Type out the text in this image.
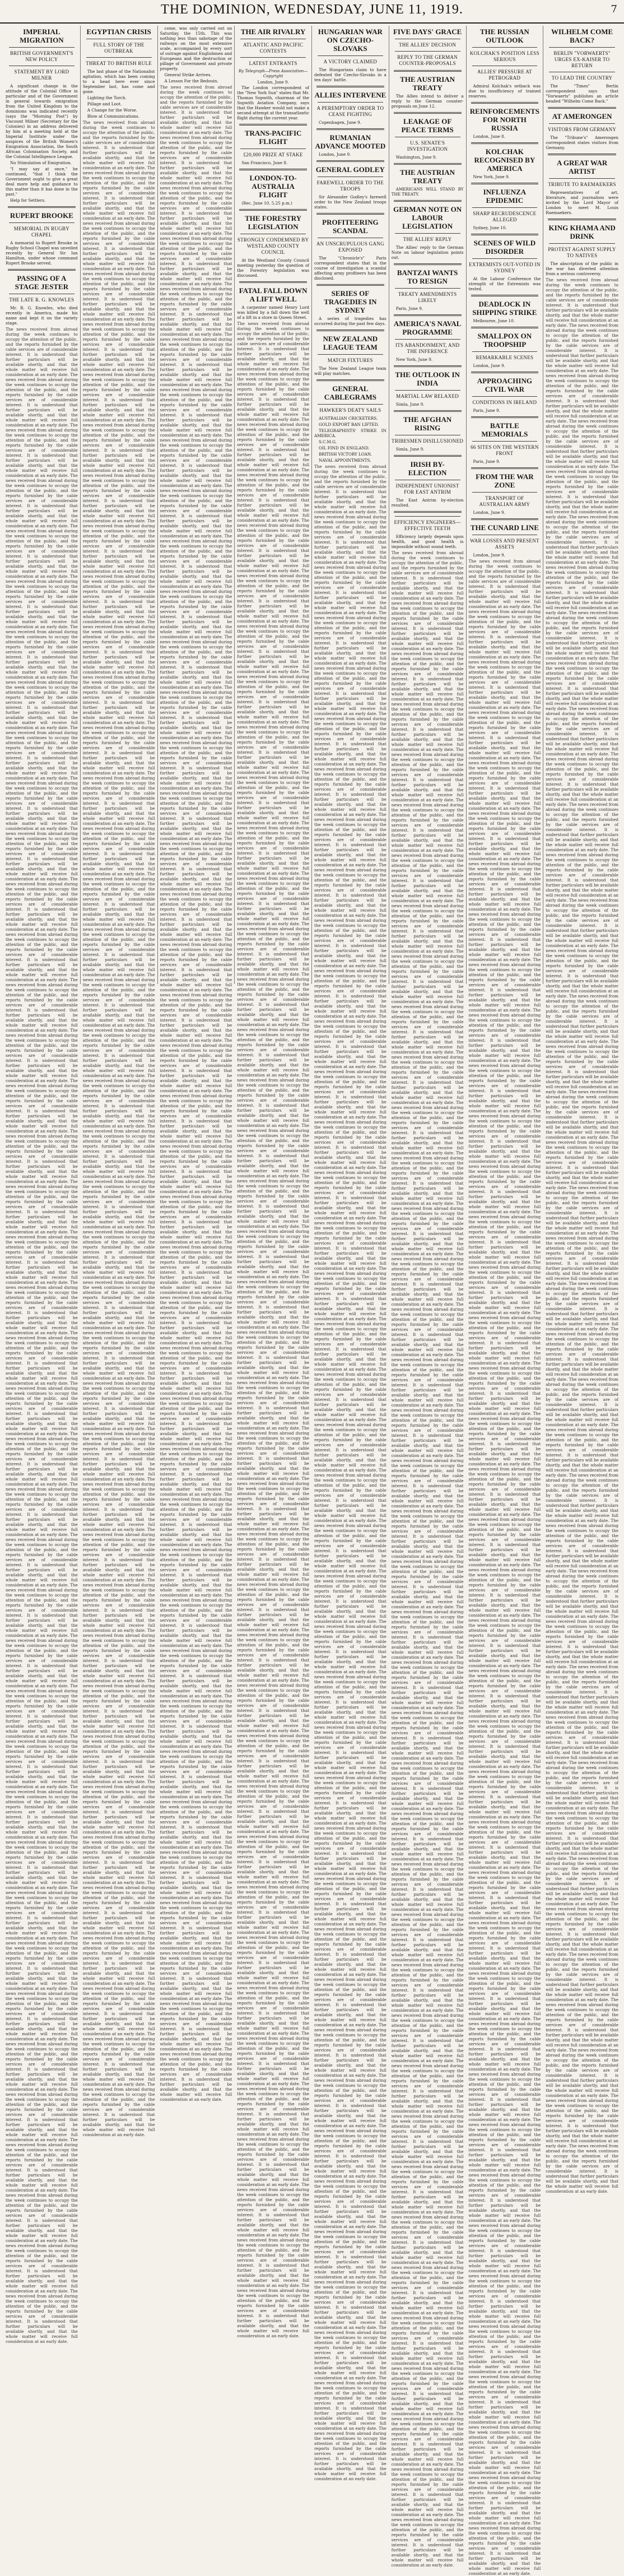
THE DOMINION, WEDNESDAY, JUNE 11, 1919.	7
IMPERIAL MIGRATION
BRITISH GOVERNMENT'S NEW POLICY
STATEMENT BY LORD MILNER

A significant change in the attitude of the Colonial Office in particular and of the Government in general towards emigration from the United Kingdom to the dominions was indicated recently (says the "Morning Post") by Viscount Milner (Secretary for the Colonies) in an address delivered by him at a meeting held at the Imperial Institute under the auspices of the British Women's Emigration Association, the South African Colonisation Society, and the Colonial Intelligence League.

No Stimulation of Emigration.

"I may say at once," he continued, "that I think the Government ought to give a great deal more help and guidance to this matter than it has done in the past."

Help for Settlers.

RUPERT BROOKE
MEMORIAL IN RUGBY CHAPEL

A memorial to Rupert Brooke in Rugby School Chapel was unveiled recently by General Sir Ian Hamilton, under whose command Rupert Brooke served.

PASSING OF A STAGE JESTER
THE LATE R. G. KNOWLES

Mr. R. G. Knowles, who died recently in America, made his name and kept it on the variety stage.

The news received from abroad during the week continues to occupy the attention of the public, and the reports furnished by the cable services are of considerable interest. It is understood that further particulars will be available shortly, and that the whole matter will receive full consideration at an early date. The news received from abroad during the week continues to occupy the attention of the public, and the reports furnished by the cable services are of considerable interest. It is understood that further particulars will be available shortly, and that the whole matter will receive full consideration at an early date. The news received from abroad during the week continues to occupy the attention of the public, and the reports furnished by the cable services are of considerable interest. It is understood that further particulars will be available shortly, and that the whole matter will receive full consideration at an early date. The news received from abroad during the week continues to occupy the attention of the public, and the reports furnished by the cable services are of considerable interest. It is understood that further particulars will be available shortly, and that the whole matter will receive full consideration at an early date. The news received from abroad during the week continues to occupy the attention of the public, and the reports furnished by the cable services are of considerable interest. It is understood that further particulars will be available shortly, and that the whole matter will receive full consideration at an early date. The news received from abroad during the week continues to occupy the attention of the public, and the reports furnished by the cable services are of considerable interest. It is understood that further particulars will be available shortly, and that the whole matter will receive full consideration at an early date. The news received from abroad during the week continues to occupy the attention of the public, and the reports furnished by the cable services are of considerable interest. It is understood that further particulars will be available shortly, and that the whole matter will receive full consideration at an early date. The news received from abroad during the week continues to occupy the attention of the public, and the reports furnished by the cable services are of considerable interest. It is understood that further particulars will be available shortly, and that the whole matter will receive full consideration at an early date. The news received from abroad during the week continues to occupy the attention of the public, and the reports furnished by the cable services are of considerable interest. It is understood that further particulars will be available shortly, and that the whole matter will receive full consideration at an early date. The news received from abroad during the week continues to occupy the attention of the public, and the reports furnished by the cable services are of considerable interest. It is understood that further particulars will be available shortly, and that the whole matter will receive full consideration at an early date. The news received from abroad during the week continues to occupy the attention of the public, and the reports furnished by the cable services are of considerable interest. It is understood that further particulars will be available shortly, and that the whole matter will receive full consideration at an early date. The news received from abroad during the week continues to occupy the attention of the public, and the reports furnished by the cable services are of considerable interest. It is understood that further particulars will be available shortly, and that the whole matter will receive full consideration at an early date. The news received from abroad during the week continues to occupy the attention of the public, and the reports furnished by the cable services are of considerable interest. It is understood that further particulars will be available shortly, and that the whole matter will receive full consideration at an early date. The news received from abroad during the week continues to occupy the attention of the public, and the reports furnished by the cable services are of considerable interest. It is understood that further particulars will be available shortly, and that the whole matter will receive full consideration at an early date. The news received from abroad during the week continues to occupy the attention of the public, and the reports furnished by the cable services are of considerable interest. It is understood that further particulars will be available shortly, and that the whole matter will receive full consideration at an early date. The news received from abroad during the week continues to occupy the attention of the public, and the reports furnished by the cable services are of considerable interest. It is understood that further particulars will be available shortly, and that the whole matter will receive full consideration at an early date. The news received from abroad during the week continues to occupy the attention of the public, and the reports furnished by the cable services are of considerable interest. It is understood that further particulars will be available shortly, and that the whole matter will receive full consideration at an early date. The news received from abroad during the week continues to occupy the attention of the public, and the reports furnished by the cable services are of considerable interest. It is understood that further particulars will be available shortly, and that the whole matter will receive full consideration at an early date. The news received from abroad during the week continues to occupy the attention of the public, and the reports furnished by the cable services are of considerable interest. It is understood that further particulars will be available shortly, and that the whole matter will receive full consideration at an early date. The news received from abroad during the week continues to occupy the attention of the public, and the reports furnished by the cable services are of considerable interest. It is understood that further particulars will be available shortly, and that the whole matter will receive full consideration at an early date. The news received from abroad during the week continues to occupy the attention of the public, and the reports furnished by the cable services are of considerable interest. It is understood that further particulars will be available shortly, and that the whole matter will receive full consideration at an early date. The news received from abroad during the week continues to occupy the attention of the public, and the reports furnished by the cable services are of considerable interest. It is understood that further particulars will be available shortly, and that the whole matter will receive full consideration at an early date. The news received from abroad during the week continues to occupy the attention of the public, and the reports furnished by the cable services are of considerable interest. It is understood that further particulars will be available shortly, and that the whole matter will receive full consideration at an early date. The news received from abroad during the week continues to occupy the attention of the public, and the reports furnished by the cable services are of considerable interest. It is understood that further particulars will be available shortly, and that the whole matter will receive full consideration at an early date. The news received from abroad during the week continues to occupy the attention of the public, and the reports furnished by the cable services are of considerable interest. It is understood that further particulars will be available shortly, and that the whole matter will receive full consideration at an early date. The news received from abroad during the week continues to occupy the attention of the public, and the reports furnished by the cable services are of considerable interest. It is understood that further particulars will be available shortly, and that the whole matter will receive full consideration at an early date. The news received from abroad during the week continues to occupy the attention of the public, and the reports furnished by the cable services are of considerable interest. It is understood that further particulars will be available shortly, and that the whole matter will receive full consideration at an early date. The news received from abroad during the week continues to occupy the attention of the public, and the reports furnished by the cable services are of considerable interest. It is understood that further particulars will be available shortly, and that the whole matter will receive full consideration at an early date. The news received from abroad during the week continues to occupy the attention of the public, and the reports furnished by the cable services are of considerable interest. It is understood that further particulars will be available shortly, and that the whole matter will receive full consideration at an early date. The news received from abroad during the week continues to occupy the attention of the public, and the reports furnished by the cable services are of considerable interest. It is understood that further particulars will be available shortly, and that the whole matter will receive full consideration at an early date. The news received from abroad during the week continues to occupy the attention of the public, and the reports furnished by the cable services are of considerable interest. It is understood that further particulars will be available shortly, and that the whole matter will receive full consideration at an early date. The news received from abroad during the week continues to occupy the attention of the public, and the reports furnished by the cable services are of considerable interest. It is understood that further particulars will be available shortly, and that the whole matter will receive full consideration at an early date. The news received from abroad during the week continues to occupy the attention of the public, and the reports furnished by the cable services are of considerable interest. It is understood that further particulars will be available shortly, and that the whole matter will receive full consideration at an early date. The news received from abroad during the week continues to occupy the attention of the public, and the reports furnished by the cable services are of considerable interest. It is understood that further particulars will be available shortly, and that the whole matter will receive full consideration at an early date. The news received from abroad during the week continues to occupy the attention of the public, and the reports furnished by the cable services are of considerable interest. It is understood that further particulars will be available shortly, and that the whole matter will receive full consideration at an early date. The news received from abroad during the week continues to occupy the attention of the public, and the reports furnished by the cable services are of considerable interest. It is understood that further particulars will be available shortly, and that the whole matter will receive full consideration at an early date. The news received from abroad during the week continues to occupy the attention of the public, and the reports furnished by the cable services are of considerable interest. It is understood that further particulars will be available shortly, and that the whole matter will receive full consideration at an early date. The news received from abroad during the week continues to occupy the attention of the public, and the reports furnished by the cable services are of considerable interest. It is understood that further particulars will be available shortly, and that the whole matter will receive full consideration at an early date. The news received from abroad during the week continues to occupy the attention of the public, and the reports furnished by the cable services are of considerable interest. It is understood that further particulars will be available shortly, and that the whole matter will receive full consideration at an early date. The news received from abroad during the week continues to occupy the attention of the public, and the reports furnished by the cable services are of considerable interest. It is understood that further particulars will be available shortly, and that the whole matter will receive full consideration at an early date.
EGYPTIAN CRISIS
FULL STORY OF THE OUTBREAK
THREAT TO BRITISH RULE

The last phase of the Nationalist agitation, which has been coming to a head here ever since September last, has come and gone.

Lighting the Torch.

Pillage and Loot.

A Change for the Worse.

Blow at Communications.

The news received from abroad during the week continues to occupy the attention of the public, and the reports furnished by the cable services are of considerable interest. It is understood that further particulars will be available shortly, and that the whole matter will receive full consideration at an early date. The news received from abroad during the week continues to occupy the attention of the public, and the reports furnished by the cable services are of considerable interest. It is understood that further particulars will be available shortly, and that the whole matter will receive full consideration at an early date. The news received from abroad during the week continues to occupy the attention of the public, and the reports furnished by the cable services are of considerable interest. It is understood that further particulars will be available shortly, and that the whole matter will receive full consideration at an early date. The news received from abroad during the week continues to occupy the attention of the public, and the reports furnished by the cable services are of considerable interest. It is understood that further particulars will be available shortly, and that the whole matter will receive full consideration at an early date. The news received from abroad during the week continues to occupy the attention of the public, and the reports furnished by the cable services are of considerable interest. It is understood that further particulars will be available shortly, and that the whole matter will receive full consideration at an early date. The news received from abroad during the week continues to occupy the attention of the public, and the reports furnished by the cable services are of considerable interest. It is understood that further particulars will be available shortly, and that the whole matter will receive full consideration at an early date. The news received from abroad during the week continues to occupy the attention of the public, and the reports furnished by the cable services are of considerable interest. It is understood that further particulars will be available shortly, and that the whole matter will receive full consideration at an early date. The news received from abroad during the week continues to occupy the attention of the public, and the reports furnished by the cable services are of considerable interest. It is understood that further particulars will be available shortly, and that the whole matter will receive full consideration at an early date. The news received from abroad during the week continues to occupy the attention of the public, and the reports furnished by the cable services are of considerable interest. It is understood that further particulars will be available shortly, and that the whole matter will receive full consideration at an early date. The news received from abroad during the week continues to occupy the attention of the public, and the reports furnished by the cable services are of considerable interest. It is understood that further particulars will be available shortly, and that the whole matter will receive full consideration at an early date. The news received from abroad during the week continues to occupy the attention of the public, and the reports furnished by the cable services are of considerable interest. It is understood that further particulars will be available shortly, and that the whole matter will receive full consideration at an early date. The news received from abroad during the week continues to occupy the attention of the public, and the reports furnished by the cable services are of considerable interest. It is understood that further particulars will be available shortly, and that the whole matter will receive full consideration at an early date. The news received from abroad during the week continues to occupy the attention of the public, and the reports furnished by the cable services are of considerable interest. It is understood that further particulars will be available shortly, and that the whole matter will receive full consideration at an early date. The news received from abroad during the week continues to occupy the attention of the public, and the reports furnished by the cable services are of considerable interest. It is understood that further particulars will be available shortly, and that the whole matter will receive full consideration at an early date. The news received from abroad during the week continues to occupy the attention of the public, and the reports furnished by the cable services are of considerable interest. It is understood that further particulars will be available shortly, and that the whole matter will receive full consideration at an early date. The news received from abroad during the week continues to occupy the attention of the public, and the reports furnished by the cable services are of considerable interest. It is understood that further particulars will be available shortly, and that the whole matter will receive full consideration at an early date. The news received from abroad during the week continues to occupy the attention of the public, and the reports furnished by the cable services are of considerable interest. It is understood that further particulars will be available shortly, and that the whole matter will receive full consideration at an early date. The news received from abroad during the week continues to occupy the attention of the public, and the reports furnished by the cable services are of considerable interest. It is understood that further particulars will be available shortly, and that the whole matter will receive full consideration at an early date. The news received from abroad during the week continues to occupy the attention of the public, and the reports furnished by the cable services are of considerable interest. It is understood that further particulars will be available shortly, and that the whole matter will receive full consideration at an early date. The news received from abroad during the week continues to occupy the attention of the public, and the reports furnished by the cable services are of considerable interest. It is understood that further particulars will be available shortly, and that the whole matter will receive full consideration at an early date. The news received from abroad during the week continues to occupy the attention of the public, and the reports furnished by the cable services are of considerable interest. It is understood that further particulars will be available shortly, and that the whole matter will receive full consideration at an early date. The news received from abroad during the week continues to occupy the attention of the public, and the reports furnished by the cable services are of considerable interest. It is understood that further particulars will be available shortly, and that the whole matter will receive full consideration at an early date. The news received from abroad during the week continues to occupy the attention of the public, and the reports furnished by the cable services are of considerable interest. It is understood that further particulars will be available shortly, and that the whole matter will receive full consideration at an early date. The news received from abroad during the week continues to occupy the attention of the public, and the reports furnished by the cable services are of considerable interest. It is understood that further particulars will be available shortly, and that the whole matter will receive full consideration at an early date. The news received from abroad during the week continues to occupy the attention of the public, and the reports furnished by the cable services are of considerable interest. It is understood that further particulars will be available shortly, and that the whole matter will receive full consideration at an early date. The news received from abroad during the week continues to occupy the attention of the public, and the reports furnished by the cable services are of considerable interest. It is understood that further particulars will be available shortly, and that the whole matter will receive full consideration at an early date. The news received from abroad during the week continues to occupy the attention of the public, and the reports furnished by the cable services are of considerable interest. It is understood that further particulars will be available shortly, and that the whole matter will receive full consideration at an early date. The news received from abroad during the week continues to occupy the attention of the public, and the reports furnished by the cable services are of considerable interest. It is understood that further particulars will be available shortly, and that the whole matter will receive full consideration at an early date. The news received from abroad during the week continues to occupy the attention of the public, and the reports furnished by the cable services are of considerable interest. It is understood that further particulars will be available shortly, and that the whole matter will receive full consideration at an early date. The news received from abroad during the week continues to occupy the attention of the public, and the reports furnished by the cable services are of considerable interest. It is understood that further particulars will be available shortly, and that the whole matter will receive full consideration at an early date. The news received from abroad during the week continues to occupy the attention of the public, and the reports furnished by the cable services are of considerable interest. It is understood that further particulars will be available shortly, and that the whole matter will receive full consideration at an early date. The news received from abroad during the week continues to occupy the attention of the public, and the reports furnished by the cable services are of considerable interest. It is understood that further particulars will be available shortly, and that the whole matter will receive full consideration at an early date. The news received from abroad during the week continues to occupy the attention of the public, and the reports furnished by the cable services are of considerable interest. It is understood that further particulars will be available shortly, and that the whole matter will receive full consideration at an early date. The news received from abroad during the week continues to occupy the attention of the public, and the reports furnished by the cable services are of considerable interest. It is understood that further particulars will be available shortly, and that the whole matter will receive full consideration at an early date. The news received from abroad during the week continues to occupy the attention of the public, and the reports furnished by the cable services are of considerable interest. It is understood that further particulars will be available shortly, and that the whole matter will receive full consideration at an early date. The news received from abroad during the week continues to occupy the attention of the public, and the reports furnished by the cable services are of considerable interest. It is understood that further particulars will be available shortly, and that the whole matter will receive full consideration at an early date. The news received from abroad during the week continues to occupy the attention of the public, and the reports furnished by the cable services are of considerable interest. It is understood that further particulars will be available shortly, and that the whole matter will receive full consideration at an early date. The news received from abroad during the week continues to occupy the attention of the public, and the reports furnished by the cable services are of considerable interest. It is understood that further particulars will be available shortly, and that the whole matter will receive full consideration at an early date. The news received from abroad during the week continues to occupy the attention of the public, and the reports furnished by the cable services are of considerable interest. It is understood that further particulars will be available shortly, and that the whole matter will receive full consideration at an early date. The news received from abroad during the week continues to occupy the attention of the public, and the reports furnished by the cable services are of considerable interest. It is understood that further particulars will be available shortly, and that the whole matter will receive full consideration at an early date.

come, was only carried out on Saturday, the 15th. This was nothing less than sabotage of the railways on the most extensive scale, accompanied by every sort of outrage against Englishmen and Europeans and the destruction or pillage of Government and private property.

General Strike Arrives.

A Lesson For the Bedouin.

The news received from abroad during the week continues to occupy the attention of the public, and the reports furnished by the cable services are of considerable interest. It is understood that further particulars will be available shortly, and that the whole matter will receive full consideration at an early date. The news received from abroad during the week continues to occupy the attention of the public, and the reports furnished by the cable services are of considerable interest. It is understood that further particulars will be available shortly, and that the whole matter will receive full consideration at an early date. The news received from abroad during the week continues to occupy the attention of the public, and the reports furnished by the cable services are of considerable interest. It is understood that further particulars will be available shortly, and that the whole matter will receive full consideration at an early date. The news received from abroad during the week continues to occupy the attention of the public, and the reports furnished by the cable services are of considerable interest. It is understood that further particulars will be available shortly, and that the whole matter will receive full consideration at an early date. The news received from abroad during the week continues to occupy the attention of the public, and the reports furnished by the cable services are of considerable interest. It is understood that further particulars will be available shortly, and that the whole matter will receive full consideration at an early date. The news received from abroad during the week continues to occupy the attention of the public, and the reports furnished by the cable services are of considerable interest. It is understood that further particulars will be available shortly, and that the whole matter will receive full consideration at an early date. The news received from abroad during the week continues to occupy the attention of the public, and the reports furnished by the cable services are of considerable interest. It is understood that further particulars will be available shortly, and that the whole matter will receive full consideration at an early date. The news received from abroad during the week continues to occupy the attention of the public, and the reports furnished by the cable services are of considerable interest. It is understood that further particulars will be available shortly, and that the whole matter will receive full consideration at an early date. The news received from abroad during the week continues to occupy the attention of the public, and the reports furnished by the cable services are of considerable interest. It is understood that further particulars will be available shortly, and that the whole matter will receive full consideration at an early date. The news received from abroad during the week continues to occupy the attention of the public, and the reports furnished by the cable services are of considerable interest. It is understood that further particulars will be available shortly, and that the whole matter will receive full consideration at an early date. The news received from abroad during the week continues to occupy the attention of the public, and the reports furnished by the cable services are of considerable interest. It is understood that further particulars will be available shortly, and that the whole matter will receive full consideration at an early date. The news received from abroad during the week continues to occupy the attention of the public, and the reports furnished by the cable services are of considerable interest. It is understood that further particulars will be available shortly, and that the whole matter will receive full consideration at an early date. The news received from abroad during the week continues to occupy the attention of the public, and the reports furnished by the cable services are of considerable interest. It is understood that further particulars will be available shortly, and that the whole matter will receive full consideration at an early date. The news received from abroad during the week continues to occupy the attention of the public, and the reports furnished by the cable services are of considerable interest. It is understood that further particulars will be available shortly, and that the whole matter will receive full consideration at an early date. The news received from abroad during the week continues to occupy the attention of the public, and the reports furnished by the cable services are of considerable interest. It is understood that further particulars will be available shortly, and that the whole matter will receive full consideration at an early date. The news received from abroad during the week continues to occupy the attention of the public, and the reports furnished by the cable services are of considerable interest. It is understood that further particulars will be available shortly, and that the whole matter will receive full consideration at an early date. The news received from abroad during the week continues to occupy the attention of the public, and the reports furnished by the cable services are of considerable interest. It is understood that further particulars will be available shortly, and that the whole matter will receive full consideration at an early date. The news received from abroad during the week continues to occupy the attention of the public, and the reports furnished by the cable services are of considerable interest. It is understood that further particulars will be available shortly, and that the whole matter will receive full consideration at an early date. The news received from abroad during the week continues to occupy the attention of the public, and the reports furnished by the cable services are of considerable interest. It is understood that further particulars will be available shortly, and that the whole matter will receive full consideration at an early date. The news received from abroad during the week continues to occupy the attention of the public, and the reports furnished by the cable services are of considerable interest. It is understood that further particulars will be available shortly, and that the whole matter will receive full consideration at an early date. The news received from abroad during the week continues to occupy the attention of the public, and the reports furnished by the cable services are of considerable interest. It is understood that further particulars will be available shortly, and that the whole matter will receive full consideration at an early date. The news received from abroad during the week continues to occupy the attention of the public, and the reports furnished by the cable services are of considerable interest. It is understood that further particulars will be available shortly, and that the whole matter will receive full consideration at an early date. The news received from abroad during the week continues to occupy the attention of the public, and the reports furnished by the cable services are of considerable interest. It is understood that further particulars will be available shortly, and that the whole matter will receive full consideration at an early date. The news received from abroad during the week continues to occupy the attention of the public, and the reports furnished by the cable services are of considerable interest. It is understood that further particulars will be available shortly, and that the whole matter will receive full consideration at an early date. The news received from abroad during the week continues to occupy the attention of the public, and the reports furnished by the cable services are of considerable interest. It is understood that further particulars will be available shortly, and that the whole matter will receive full consideration at an early date. The news received from abroad during the week continues to occupy the attention of the public, and the reports furnished by the cable services are of considerable interest. It is understood that further particulars will be available shortly, and that the whole matter will receive full consideration at an early date. The news received from abroad during the week continues to occupy the attention of the public, and the reports furnished by the cable services are of considerable interest. It is understood that further particulars will be available shortly, and that the whole matter will receive full consideration at an early date. The news received from abroad during the week continues to occupy the attention of the public, and the reports furnished by the cable services are of considerable interest. It is understood that further particulars will be available shortly, and that the whole matter will receive full consideration at an early date. The news received from abroad during the week continues to occupy the attention of the public, and the reports furnished by the cable services are of considerable interest. It is understood that further particulars will be available shortly, and that the whole matter will receive full consideration at an early date. The news received from abroad during the week continues to occupy the attention of the public, and the reports furnished by the cable services are of considerable interest. It is understood that further particulars will be available shortly, and that the whole matter will receive full consideration at an early date. The news received from abroad during the week continues to occupy the attention of the public, and the reports furnished by the cable services are of considerable interest. It is understood that further particulars will be available shortly, and that the whole matter will receive full consideration at an early date. The news received from abroad during the week continues to occupy the attention of the public, and the reports furnished by the cable services are of considerable interest. It is understood that further particulars will be available shortly, and that the whole matter will receive full consideration at an early date. The news received from abroad during the week continues to occupy the attention of the public, and the reports furnished by the cable services are of considerable interest. It is understood that further particulars will be available shortly, and that the whole matter will receive full consideration at an early date. The news received from abroad during the week continues to occupy the attention of the public, and the reports furnished by the cable services are of considerable interest. It is understood that further particulars will be available shortly, and that the whole matter will receive full consideration at an early date. The news received from abroad during the week continues to occupy the attention of the public, and the reports furnished by the cable services are of considerable interest. It is understood that further particulars will be available shortly, and that the whole matter will receive full consideration at an early date. The news received from abroad during the week continues to occupy the attention of the public, and the reports furnished by the cable services are of considerable interest. It is understood that further particulars will be available shortly, and that the whole matter will receive full consideration at an early date. The news received from abroad during the week continues to occupy the attention of the public, and the reports furnished by the cable services are of considerable interest. It is understood that further particulars will be available shortly, and that the whole matter will receive full consideration at an early date. The news received from abroad during the week continues to occupy the attention of the public, and the reports furnished by the cable services are of considerable interest. It is understood that further particulars will be available shortly, and that the whole matter will receive full consideration at an early date. The news received from abroad during the week continues to occupy the attention of the public, and the reports furnished by the cable services are of considerable interest. It is understood that further particulars will be available shortly, and that the whole matter will receive full consideration at an early date. The news received from abroad during the week continues to occupy the attention of the public, and the reports furnished by the cable services are of considerable interest. It is understood that further particulars will be available shortly, and that the whole matter will receive full consideration at an early date.
THE AIR RIVALRY
ATLANTIC AND PACIFIC CONTESTS
LATEST ENTRANTS
By Telegraph—Press Association—Copyright
London, June 9.

The London correspondent of the "New York Sun" states that Mr. Thomas Sopwith, chairman of the Sopwith Aviation Company, says that the Hawker would not make a second attempt at the transatlantic flight during the current year.

TRANS-PACIFIC FLIGHT
£20,000 PRIZE AT STAKE

San Francisco, June 8.

LONDON-TO-AUSTRALIA FLIGHT

(Rec. June 10, 5.25 p.m.)

THE FORESTRY LEGISLATION
STRONGLY CONDEMNED BY WESTLAND COUNTY COUNCIL

At the Westland County Council meeting yesterday the question of the Forestry legislation was discussed.

FATAL FALL DOWN A LIFT WELL

A carpenter named Henry Lord was killed by a fall down the well of a lift in a store in Queen Street.

The news received from abroad during the week continues to occupy the attention of the public, and the reports furnished by the cable services are of considerable interest. It is understood that further particulars will be available shortly, and that the whole matter will receive full consideration at an early date. The news received from abroad during the week continues to occupy the attention of the public, and the reports furnished by the cable services are of considerable interest. It is understood that further particulars will be available shortly, and that the whole matter will receive full consideration at an early date. The news received from abroad during the week continues to occupy the attention of the public, and the reports furnished by the cable services are of considerable interest. It is understood that further particulars will be available shortly, and that the whole matter will receive full consideration at an early date. The news received from abroad during the week continues to occupy the attention of the public, and the reports furnished by the cable services are of considerable interest. It is understood that further particulars will be available shortly, and that the whole matter will receive full consideration at an early date. The news received from abroad during the week continues to occupy the attention of the public, and the reports furnished by the cable services are of considerable interest. It is understood that further particulars will be available shortly, and that the whole matter will receive full consideration at an early date. The news received from abroad during the week continues to occupy the attention of the public, and the reports furnished by the cable services are of considerable interest. It is understood that further particulars will be available shortly, and that the whole matter will receive full consideration at an early date. The news received from abroad during the week continues to occupy the attention of the public, and the reports furnished by the cable services are of considerable interest. It is understood that further particulars will be available shortly, and that the whole matter will receive full consideration at an early date. The news received from abroad during the week continues to occupy the attention of the public, and the reports furnished by the cable services are of considerable interest. It is understood that further particulars will be available shortly, and that the whole matter will receive full consideration at an early date. The news received from abroad during the week continues to occupy the attention of the public, and the reports furnished by the cable services are of considerable interest. It is understood that further particulars will be available shortly, and that the whole matter will receive full consideration at an early date. The news received from abroad during the week continues to occupy the attention of the public, and the reports furnished by the cable services are of considerable interest. It is understood that further particulars will be available shortly, and that the whole matter will receive full consideration at an early date. The news received from abroad during the week continues to occupy the attention of the public, and the reports furnished by the cable services are of considerable interest. It is understood that further particulars will be available shortly, and that the whole matter will receive full consideration at an early date. The news received from abroad during the week continues to occupy the attention of the public, and the reports furnished by the cable services are of considerable interest. It is understood that further particulars will be available shortly, and that the whole matter will receive full consideration at an early date. The news received from abroad during the week continues to occupy the attention of the public, and the reports furnished by the cable services are of considerable interest. It is understood that further particulars will be available shortly, and that the whole matter will receive full consideration at an early date. The news received from abroad during the week continues to occupy the attention of the public, and the reports furnished by the cable services are of considerable interest. It is understood that further particulars will be available shortly, and that the whole matter will receive full consideration at an early date. The news received from abroad during the week continues to occupy the attention of the public, and the reports furnished by the cable services are of considerable interest. It is understood that further particulars will be available shortly, and that the whole matter will receive full consideration at an early date. The news received from abroad during the week continues to occupy the attention of the public, and the reports furnished by the cable services are of considerable interest. It is understood that further particulars will be available shortly, and that the whole matter will receive full consideration at an early date. The news received from abroad during the week continues to occupy the attention of the public, and the reports furnished by the cable services are of considerable interest. It is understood that further particulars will be available shortly, and that the whole matter will receive full consideration at an early date. The news received from abroad during the week continues to occupy the attention of the public, and the reports furnished by the cable services are of considerable interest. It is understood that further particulars will be available shortly, and that the whole matter will receive full consideration at an early date. The news received from abroad during the week continues to occupy the attention of the public, and the reports furnished by the cable services are of considerable interest. It is understood that further particulars will be available shortly, and that the whole matter will receive full consideration at an early date. The news received from abroad during the week continues to occupy the attention of the public, and the reports furnished by the cable services are of considerable interest. It is understood that further particulars will be available shortly, and that the whole matter will receive full consideration at an early date. The news received from abroad during the week continues to occupy the attention of the public, and the reports furnished by the cable services are of considerable interest. It is understood that further particulars will be available shortly, and that the whole matter will receive full consideration at an early date. The news received from abroad during the week continues to occupy the attention of the public, and the reports furnished by the cable services are of considerable interest. It is understood that further particulars will be available shortly, and that the whole matter will receive full consideration at an early date. The news received from abroad during the week continues to occupy the attention of the public, and the reports furnished by the cable services are of considerable interest. It is understood that further particulars will be available shortly, and that the whole matter will receive full consideration at an early date. The news received from abroad during the week continues to occupy the attention of the public, and the reports furnished by the cable services are of considerable interest. It is understood that further particulars will be available shortly, and that the whole matter will receive full consideration at an early date. The news received from abroad during the week continues to occupy the attention of the public, and the reports furnished by the cable services are of considerable interest. It is understood that further particulars will be available shortly, and that the whole matter will receive full consideration at an early date. The news received from abroad during the week continues to occupy the attention of the public, and the reports furnished by the cable services are of considerable interest. It is understood that further particulars will be available shortly, and that the whole matter will receive full consideration at an early date. The news received from abroad during the week continues to occupy the attention of the public, and the reports furnished by the cable services are of considerable interest. It is understood that further particulars will be available shortly, and that the whole matter will receive full consideration at an early date. The news received from abroad during the week continues to occupy the attention of the public, and the reports furnished by the cable services are of considerable interest. It is understood that further particulars will be available shortly, and that the whole matter will receive full consideration at an early date. The news received from abroad during the week continues to occupy the attention of the public, and the reports furnished by the cable services are of considerable interest. It is understood that further particulars will be available shortly, and that the whole matter will receive full consideration at an early date. The news received from abroad during the week continues to occupy the attention of the public, and the reports furnished by the cable services are of considerable interest. It is understood that further particulars will be available shortly, and that the whole matter will receive full consideration at an early date. The news received from abroad during the week continues to occupy the attention of the public, and the reports furnished by the cable services are of considerable interest. It is understood that further particulars will be available shortly, and that the whole matter will receive full consideration at an early date. The news received from abroad during the week continues to occupy the attention of the public, and the reports furnished by the cable services are of considerable interest. It is understood that further particulars will be available shortly, and that the whole matter will receive full consideration at an early date. The news received from abroad during the week continues to occupy the attention of the public, and the reports furnished by the cable services are of considerable interest. It is understood that further particulars will be available shortly, and that the whole matter will receive full consideration at an early date. The news received from abroad during the week continues to occupy the attention of the public, and the reports furnished by the cable services are of considerable interest. It is understood that further particulars will be available shortly, and that the whole matter will receive full consideration at an early date. The news received from abroad during the week continues to occupy the attention of the public, and the reports furnished by the cable services are of considerable interest. It is understood that further particulars will be available shortly, and that the whole matter will receive full consideration at an early date. The news received from abroad during the week continues to occupy the attention of the public, and the reports furnished by the cable services are of considerable interest. It is understood that further particulars will be available shortly, and that the whole matter will receive full consideration at an early date. The news received from abroad during the week continues to occupy the attention of the public, and the reports furnished by the cable services are of considerable interest. It is understood that further particulars will be available shortly, and that the whole matter will receive full consideration at an early date. The news received from abroad during the week continues to occupy the attention of the public, and the reports furnished by the cable services are of considerable interest. It is understood that further particulars will be available shortly, and that the whole matter will receive full consideration at an early date. The news received from abroad during the week continues to occupy the attention of the public, and the reports furnished by the cable services are of considerable interest. It is understood that further particulars will be available shortly, and that the whole matter will receive full consideration at an early date. The news received from abroad during the week continues to occupy the attention of the public, and the reports furnished by the cable services are of considerable interest. It is understood that further particulars will be available shortly, and that the whole matter will receive full consideration at an early date.
HUNGARIAN WAR ON CZECHO-SLOVAKS
A VICTORY CLAIMED

The Hungarians claim to have defeated the Czecho-Slovaks in a ten days' battle.

ALLIES INTERVENE
A PEREMPTORY ORDER TO CEASE FIGHTING

Copenhagen, June 9.

RUMANIAN ADVANCE MOOTED

London, June 9.

GENERAL GODLEY
FAREWELL ORDER TO THE TROOPS

Sir Alexander Godley's farewell order to the New Zealand troops states.

PROFITEERING SCANDAL
AN UNSCRUPULOUS GANG EXPOSED

The "Chronicle's" Paris correspondent states that in the course of investigation a scandal affecting army profiteers has been disclosed.

SERIES OF TRAGEDIES IN SYDNEY

A series of tragedies has occurred during the past few days.

NEW ZEALAND LEAGUE TEAM
MATCH FIXTURES

The New Zealand League team will play matches.

GENERAL CABLEGRAMS
HAWKER'S DEATY SAILS

AUSTRALIAN CRICKETERS.

GOLD EXPORT BAN LIFTED.

TELEGRAPHISTS' STRIKE IN AMERICA.

S.C.M.G.

OIL FIND IN ENGLAND.

BRITISH VICTORY LOAN.

NAVAL APPOINTMENTS.

The news received from abroad during the week continues to occupy the attention of the public, and the reports furnished by the cable services are of considerable interest. It is understood that further particulars will be available shortly, and that the whole matter will receive full consideration at an early date. The news received from abroad during the week continues to occupy the attention of the public, and the reports furnished by the cable services are of considerable interest. It is understood that further particulars will be available shortly, and that the whole matter will receive full consideration at an early date. The news received from abroad during the week continues to occupy the attention of the public, and the reports furnished by the cable services are of considerable interest. It is understood that further particulars will be available shortly, and that the whole matter will receive full consideration at an early date. The news received from abroad during the week continues to occupy the attention of the public, and the reports furnished by the cable services are of considerable interest. It is understood that further particulars will be available shortly, and that the whole matter will receive full consideration at an early date. The news received from abroad during the week continues to occupy the attention of the public, and the reports furnished by the cable services are of considerable interest. It is understood that further particulars will be available shortly, and that the whole matter will receive full consideration at an early date. The news received from abroad during the week continues to occupy the attention of the public, and the reports furnished by the cable services are of considerable interest. It is understood that further particulars will be available shortly, and that the whole matter will receive full consideration at an early date. The news received from abroad during the week continues to occupy the attention of the public, and the reports furnished by the cable services are of considerable interest. It is understood that further particulars will be available shortly, and that the whole matter will receive full consideration at an early date. The news received from abroad during the week continues to occupy the attention of the public, and the reports furnished by the cable services are of considerable interest. It is understood that further particulars will be available shortly, and that the whole matter will receive full consideration at an early date. The news received from abroad during the week continues to occupy the attention of the public, and the reports furnished by the cable services are of considerable interest. It is understood that further particulars will be available shortly, and that the whole matter will receive full consideration at an early date. The news received from abroad during the week continues to occupy the attention of the public, and the reports furnished by the cable services are of considerable interest. It is understood that further particulars will be available shortly, and that the whole matter will receive full consideration at an early date. The news received from abroad during the week continues to occupy the attention of the public, and the reports furnished by the cable services are of considerable interest. It is understood that further particulars will be available shortly, and that the whole matter will receive full consideration at an early date. The news received from abroad during the week continues to occupy the attention of the public, and the reports furnished by the cable services are of considerable interest. It is understood that further particulars will be available shortly, and that the whole matter will receive full consideration at an early date. The news received from abroad during the week continues to occupy the attention of the public, and the reports furnished by the cable services are of considerable interest. It is understood that further particulars will be available shortly, and that the whole matter will receive full consideration at an early date. The news received from abroad during the week continues to occupy the attention of the public, and the reports furnished by the cable services are of considerable interest. It is understood that further particulars will be available shortly, and that the whole matter will receive full consideration at an early date. The news received from abroad during the week continues to occupy the attention of the public, and the reports furnished by the cable services are of considerable interest. It is understood that further particulars will be available shortly, and that the whole matter will receive full consideration at an early date. The news received from abroad during the week continues to occupy the attention of the public, and the reports furnished by the cable services are of considerable interest. It is understood that further particulars will be available shortly, and that the whole matter will receive full consideration at an early date. The news received from abroad during the week continues to occupy the attention of the public, and the reports furnished by the cable services are of considerable interest. It is understood that further particulars will be available shortly, and that the whole matter will receive full consideration at an early date. The news received from abroad during the week continues to occupy the attention of the public, and the reports furnished by the cable services are of considerable interest. It is understood that further particulars will be available shortly, and that the whole matter will receive full consideration at an early date. The news received from abroad during the week continues to occupy the attention of the public, and the reports furnished by the cable services are of considerable interest. It is understood that further particulars will be available shortly, and that the whole matter will receive full consideration at an early date. The news received from abroad during the week continues to occupy the attention of the public, and the reports furnished by the cable services are of considerable interest. It is understood that further particulars will be available shortly, and that the whole matter will receive full consideration at an early date. The news received from abroad during the week continues to occupy the attention of the public, and the reports furnished by the cable services are of considerable interest. It is understood that further particulars will be available shortly, and that the whole matter will receive full consideration at an early date. The news received from abroad during the week continues to occupy the attention of the public, and the reports furnished by the cable services are of considerable interest. It is understood that further particulars will be available shortly, and that the whole matter will receive full consideration at an early date. The news received from abroad during the week continues to occupy the attention of the public, and the reports furnished by the cable services are of considerable interest. It is understood that further particulars will be available shortly, and that the whole matter will receive full consideration at an early date. The news received from abroad during the week continues to occupy the attention of the public, and the reports furnished by the cable services are of considerable interest. It is understood that further particulars will be available shortly, and that the whole matter will receive full consideration at an early date. The news received from abroad during the week continues to occupy the attention of the public, and the reports furnished by the cable services are of considerable interest. It is understood that further particulars will be available shortly, and that the whole matter will receive full consideration at an early date. The news received from abroad during the week continues to occupy the attention of the public, and the reports furnished by the cable services are of considerable interest. It is understood that further particulars will be available shortly, and that the whole matter will receive full consideration at an early date. The news received from abroad during the week continues to occupy the attention of the public, and the reports furnished by the cable services are of considerable interest. It is understood that further particulars will be available shortly, and that the whole matter will receive full consideration at an early date. The news received from abroad during the week continues to occupy the attention of the public, and the reports furnished by the cable services are of considerable interest. It is understood that further particulars will be available shortly, and that the whole matter will receive full consideration at an early date. The news received from abroad during the week continues to occupy the attention of the public, and the reports furnished by the cable services are of considerable interest. It is understood that further particulars will be available shortly, and that the whole matter will receive full consideration at an early date. The news received from abroad during the week continues to occupy the attention of the public, and the reports furnished by the cable services are of considerable interest. It is understood that further particulars will be available shortly, and that the whole matter will receive full consideration at an early date. The news received from abroad during the week continues to occupy the attention of the public, and the reports furnished by the cable services are of considerable interest. It is understood that further particulars will be available shortly, and that the whole matter will receive full consideration at an early date. The news received from abroad during the week continues to occupy the attention of the public, and the reports furnished by the cable services are of considerable interest. It is understood that further particulars will be available shortly, and that the whole matter will receive full consideration at an early date. The news received from abroad during the week continues to occupy the attention of the public, and the reports furnished by the cable services are of considerable interest. It is understood that further particulars will be available shortly, and that the whole matter will receive full consideration at an early date. The news received from abroad during the week continues to occupy the attention of the public, and the reports furnished by the cable services are of considerable interest. It is understood that further particulars will be available shortly, and that the whole matter will receive full consideration at an early date. The news received from abroad during the week continues to occupy the attention of the public, and the reports furnished by the cable services are of considerable interest. It is understood that further particulars will be available shortly, and that the whole matter will receive full consideration at an early date. The news received from abroad during the week continues to occupy the attention of the public, and the reports furnished by the cable services are of considerable interest. It is understood that further particulars will be available shortly, and that the whole matter will receive full consideration at an early date. The news received from abroad during the week continues to occupy the attention of the public, and the reports furnished by the cable services are of considerable interest. It is understood that further particulars will be available shortly, and that the whole matter will receive full consideration at an early date. The news received from abroad during the week continues to occupy the attention of the public, and the reports furnished by the cable services are of considerable interest. It is understood that further particulars will be available shortly, and that the whole matter will receive full consideration at an early date. The news received from abroad during the week continues to occupy the attention of the public, and the reports furnished by the cable services are of considerable interest. It is understood that further particulars will be available shortly, and that the whole matter will receive full consideration at an early date. The news received from abroad during the week continues to occupy the attention of the public, and the reports furnished by the cable services are of considerable interest. It is understood that further particulars will be available shortly, and that the whole matter will receive full consideration at an early date.
FIVE DAYS' GRACE
THE ALLIES' DECISION
REPLY TO THE GERMAN COUNTER-PROPOSALS
THE AUSTRIAN TREATY

The Allies intend to deliver a reply to the German counter-proposals on June 12.

LEAKAGE OF PEACE TERMS
U.S. SENATE'S INVESTIGATION

Washington, June 9.

THE AUSTRIAN TREATY

AMERICANS WILL STAND BY THE TREATY.

GERMAN NOTE ON LABOUR LEGISLATION
THE ALLIES' REPLY

The Allies' reply to the German Note on labour legislation points out.

BANTZAI WANTS TO RESIGN
TREATY AMENDMENTS LIKELY

Paris, June 9.

AMERICA'S NAVAL PROGRAMME
ITS ABANDONMENT, AND THE INFERENCE

New York, June 9.

THE OUTLOOK IN INDIA
MARTIAL LAW RELAXED

Simla, June 9.

THE AFGHAN RISING
TRIBESMEN DISILLUSIONED

Simla, June 9.

IRISH BY-ELECTION
INDEPENDENT UNIONIST FOR EAST ANTRIM

The East Antrim by-election resulted.

EFFICIENCY ENGINEERS—EFFECTIVE TEETH

Efficiency largely depends upon health, and good health is impossible without sound teeth.

The news received from abroad during the week continues to occupy the attention of the public, and the reports furnished by the cable services are of considerable interest. It is understood that further particulars will be available shortly, and that the whole matter will receive full consideration at an early date. The news received from abroad during the week continues to occupy the attention of the public, and the reports furnished by the cable services are of considerable interest. It is understood that further particulars will be available shortly, and that the whole matter will receive full consideration at an early date. The news received from abroad during the week continues to occupy the attention of the public, and the reports furnished by the cable services are of considerable interest. It is understood that further particulars will be available shortly, and that the whole matter will receive full consideration at an early date. The news received from abroad during the week continues to occupy the attention of the public, and the reports furnished by the cable services are of considerable interest. It is understood that further particulars will be available shortly, and that the whole matter will receive full consideration at an early date. The news received from abroad during the week continues to occupy the attention of the public, and the reports furnished by the cable services are of considerable interest. It is understood that further particulars will be available shortly, and that the whole matter will receive full consideration at an early date. The news received from abroad during the week continues to occupy the attention of the public, and the reports furnished by the cable services are of considerable interest. It is understood that further particulars will be available shortly, and that the whole matter will receive full consideration at an early date. The news received from abroad during the week continues to occupy the attention of the public, and the reports furnished by the cable services are of considerable interest. It is understood that further particulars will be available shortly, and that the whole matter will receive full consideration at an early date. The news received from abroad during the week continues to occupy the attention of the public, and the reports furnished by the cable services are of considerable interest. It is understood that further particulars will be available shortly, and that the whole matter will receive full consideration at an early date. The news received from abroad during the week continues to occupy the attention of the public, and the reports furnished by the cable services are of considerable interest. It is understood that further particulars will be available shortly, and that the whole matter will receive full consideration at an early date. The news received from abroad during the week continues to occupy the attention of the public, and the reports furnished by the cable services are of considerable interest. It is understood that further particulars will be available shortly, and that the whole matter will receive full consideration at an early date. The news received from abroad during the week continues to occupy the attention of the public, and the reports furnished by the cable services are of considerable interest. It is understood that further particulars will be available shortly, and that the whole matter will receive full consideration at an early date. The news received from abroad during the week continues to occupy the attention of the public, and the reports furnished by the cable services are of considerable interest. It is understood that further particulars will be available shortly, and that the whole matter will receive full consideration at an early date. The news received from abroad during the week continues to occupy the attention of the public, and the reports furnished by the cable services are of considerable interest. It is understood that further particulars will be available shortly, and that the whole matter will receive full consideration at an early date. The news received from abroad during the week continues to occupy the attention of the public, and the reports furnished by the cable services are of considerable interest. It is understood that further particulars will be available shortly, and that the whole matter will receive full consideration at an early date. The news received from abroad during the week continues to occupy the attention of the public, and the reports furnished by the cable services are of considerable interest. It is understood that further particulars will be available shortly, and that the whole matter will receive full consideration at an early date. The news received from abroad during the week continues to occupy the attention of the public, and the reports furnished by the cable services are of considerable interest. It is understood that further particulars will be available shortly, and that the whole matter will receive full consideration at an early date. The news received from abroad during the week continues to occupy the attention of the public, and the reports furnished by the cable services are of considerable interest. It is understood that further particulars will be available shortly, and that the whole matter will receive full consideration at an early date. The news received from abroad during the week continues to occupy the attention of the public, and the reports furnished by the cable services are of considerable interest. It is understood that further particulars will be available shortly, and that the whole matter will receive full consideration at an early date. The news received from abroad during the week continues to occupy the attention of the public, and the reports furnished by the cable services are of considerable interest. It is understood that further particulars will be available shortly, and that the whole matter will receive full consideration at an early date. The news received from abroad during the week continues to occupy the attention of the public, and the reports furnished by the cable services are of considerable interest. It is understood that further particulars will be available shortly, and that the whole matter will receive full consideration at an early date. The news received from abroad during the week continues to occupy the attention of the public, and the reports furnished by the cable services are of considerable interest. It is understood that further particulars will be available shortly, and that the whole matter will receive full consideration at an early date. The news received from abroad during the week continues to occupy the attention of the public, and the reports furnished by the cable services are of considerable interest. It is understood that further particulars will be available shortly, and that the whole matter will receive full consideration at an early date. The news received from abroad during the week continues to occupy the attention of the public, and the reports furnished by the cable services are of considerable interest. It is understood that further particulars will be available shortly, and that the whole matter will receive full consideration at an early date. The news received from abroad during the week continues to occupy the attention of the public, and the reports furnished by the cable services are of considerable interest. It is understood that further particulars will be available shortly, and that the whole matter will receive full consideration at an early date. The news received from abroad during the week continues to occupy the attention of the public, and the reports furnished by the cable services are of considerable interest. It is understood that further particulars will be available shortly, and that the whole matter will receive full consideration at an early date. The news received from abroad during the week continues to occupy the attention of the public, and the reports furnished by the cable services are of considerable interest. It is understood that further particulars will be available shortly, and that the whole matter will receive full consideration at an early date. The news received from abroad during the week continues to occupy the attention of the public, and the reports furnished by the cable services are of considerable interest. It is understood that further particulars will be available shortly, and that the whole matter will receive full consideration at an early date. The news received from abroad during the week continues to occupy the attention of the public, and the reports furnished by the cable services are of considerable interest. It is understood that further particulars will be available shortly, and that the whole matter will receive full consideration at an early date. The news received from abroad during the week continues to occupy the attention of the public, and the reports furnished by the cable services are of considerable interest. It is understood that further particulars will be available shortly, and that the whole matter will receive full consideration at an early date. The news received from abroad during the week continues to occupy the attention of the public, and the reports furnished by the cable services are of considerable interest. It is understood that further particulars will be available shortly, and that the whole matter will receive full consideration at an early date. The news received from abroad during the week continues to occupy the attention of the public, and the reports furnished by the cable services are of considerable interest. It is understood that further particulars will be available shortly, and that the whole matter will receive full consideration at an early date. The news received from abroad during the week continues to occupy the attention of the public, and the reports furnished by the cable services are of considerable interest. It is understood that further particulars will be available shortly, and that the whole matter will receive full consideration at an early date. The news received from abroad during the week continues to occupy the attention of the public, and the reports furnished by the cable services are of considerable interest. It is understood that further particulars will be available shortly, and that the whole matter will receive full consideration at an early date. The news received from abroad during the week continues to occupy the attention of the public, and the reports furnished by the cable services are of considerable interest. It is understood that further particulars will be available shortly, and that the whole matter will receive full consideration at an early date. The news received from abroad during the week continues to occupy the attention of the public, and the reports furnished by the cable services are of considerable interest. It is understood that further particulars will be available shortly, and that the whole matter will receive full consideration at an early date. The news received from abroad during the week continues to occupy the attention of the public, and the reports furnished by the cable services are of considerable interest. It is understood that further particulars will be available shortly, and that the whole matter will receive full consideration at an early date. The news received from abroad during the week continues to occupy the attention of the public, and the reports furnished by the cable services are of considerable interest. It is understood that further particulars will be available shortly, and that the whole matter will receive full consideration at an early date. The news received from abroad during the week continues to occupy the attention of the public, and the reports furnished by the cable services are of considerable interest. It is understood that further particulars will be available shortly, and that the whole matter will receive full consideration at an early date. The news received from abroad during the week continues to occupy the attention of the public, and the reports furnished by the cable services are of considerable interest. It is understood that further particulars will be available shortly, and that the whole matter will receive full consideration at an early date. The news received from abroad during the week continues to occupy the attention of the public, and the reports furnished by the cable services are of considerable interest. It is understood that further particulars will be available shortly, and that the whole matter will receive full consideration at an early date.
THE RUSSIAN OUTLOOK
KOLCHAK'S POSITION LESS SERIOUS
ALLIES' PRESSURE AT PETROGRAD

Admiral Kolchak's setback was due to insufficiency of trained reserves.

REINFORCEMENTS FOR NORTH RUSSIA

London, June 8.

KOLCHAK RECOGNISED BY AMERICA

New York, June 9.

INFLUENZA EPIDEMIC
SHARP RECRUDESCENCE ALLEGED

Sydney, June 10.

SCENES OF WILD DISORDER
EXTREMISTS OUT-VOTED IN SYDNEY

At the Labour Conference the strength of the Extremists was tested.

DEADLOCK IN SHIPPING STRIKE

Melbourne, June 10.

SMALLPOX ON TROOPSHIP
REMARKABLE SCENES

London, June 9.

APPROACHING CIVIL WAR
CONDITIONS IN IRELAND

Paris, June 9.

BATTLE MEMORIALS
66 SITES ON THE WESTERN FRONT

Paris, June 9.

FROM THE WAR ZONE
TRANSPORT OF AUSTRALIAN ARMY

London, June 9.

THE CUNARD LINE
WAR LOSSES AND PRESENT ASSETS

London, June 9.

The news received from abroad during the week continues to occupy the attention of the public, and the reports furnished by the cable services are of considerable interest. It is understood that further particulars will be available shortly, and that the whole matter will receive full consideration at an early date. The news received from abroad during the week continues to occupy the attention of the public, and the reports furnished by the cable services are of considerable interest. It is understood that further particulars will be available shortly, and that the whole matter will receive full consideration at an early date. The news received from abroad during the week continues to occupy the attention of the public, and the reports furnished by the cable services are of considerable interest. It is understood that further particulars will be available shortly, and that the whole matter will receive full consideration at an early date. The news received from abroad during the week continues to occupy the attention of the public, and the reports furnished by the cable services are of considerable interest. It is understood that further particulars will be available shortly, and that the whole matter will receive full consideration at an early date. The news received from abroad during the week continues to occupy the attention of the public, and the reports furnished by the cable services are of considerable interest. It is understood that further particulars will be available shortly, and that the whole matter will receive full consideration at an early date. The news received from abroad during the week continues to occupy the attention of the public, and the reports furnished by the cable services are of considerable interest. It is understood that further particulars will be available shortly, and that the whole matter will receive full consideration at an early date. The news received from abroad during the week continues to occupy the attention of the public, and the reports furnished by the cable services are of considerable interest. It is understood that further particulars will be available shortly, and that the whole matter will receive full consideration at an early date. The news received from abroad during the week continues to occupy the attention of the public, and the reports furnished by the cable services are of considerable interest. It is understood that further particulars will be available shortly, and that the whole matter will receive full consideration at an early date. The news received from abroad during the week continues to occupy the attention of the public, and the reports furnished by the cable services are of considerable interest. It is understood that further particulars will be available shortly, and that the whole matter will receive full consideration at an early date. The news received from abroad during the week continues to occupy the attention of the public, and the reports furnished by the cable services are of considerable interest. It is understood that further particulars will be available shortly, and that the whole matter will receive full consideration at an early date. The news received from abroad during the week continues to occupy the attention of the public, and the reports furnished by the cable services are of considerable interest. It is understood that further particulars will be available shortly, and that the whole matter will receive full consideration at an early date. The news received from abroad during the week continues to occupy the attention of the public, and the reports furnished by the cable services are of considerable interest. It is understood that further particulars will be available shortly, and that the whole matter will receive full consideration at an early date. The news received from abroad during the week continues to occupy the attention of the public, and the reports furnished by the cable services are of considerable interest. It is understood that further particulars will be available shortly, and that the whole matter will receive full consideration at an early date. The news received from abroad during the week continues to occupy the attention of the public, and the reports furnished by the cable services are of considerable interest. It is understood that further particulars will be available shortly, and that the whole matter will receive full consideration at an early date. The news received from abroad during the week continues to occupy the attention of the public, and the reports furnished by the cable services are of considerable interest. It is understood that further particulars will be available shortly, and that the whole matter will receive full consideration at an early date. The news received from abroad during the week continues to occupy the attention of the public, and the reports furnished by the cable services are of considerable interest. It is understood that further particulars will be available shortly, and that the whole matter will receive full consideration at an early date. The news received from abroad during the week continues to occupy the attention of the public, and the reports furnished by the cable services are of considerable interest. It is understood that further particulars will be available shortly, and that the whole matter will receive full consideration at an early date. The news received from abroad during the week continues to occupy the attention of the public, and the reports furnished by the cable services are of considerable interest. It is understood that further particulars will be available shortly, and that the whole matter will receive full consideration at an early date. The news received from abroad during the week continues to occupy the attention of the public, and the reports furnished by the cable services are of considerable interest. It is understood that further particulars will be available shortly, and that the whole matter will receive full consideration at an early date. The news received from abroad during the week continues to occupy the attention of the public, and the reports furnished by the cable services are of considerable interest. It is understood that further particulars will be available shortly, and that the whole matter will receive full consideration at an early date. The news received from abroad during the week continues to occupy the attention of the public, and the reports furnished by the cable services are of considerable interest. It is understood that further particulars will be available shortly, and that the whole matter will receive full consideration at an early date. The news received from abroad during the week continues to occupy the attention of the public, and the reports furnished by the cable services are of considerable interest. It is understood that further particulars will be available shortly, and that the whole matter will receive full consideration at an early date. The news received from abroad during the week continues to occupy the attention of the public, and the reports furnished by the cable services are of considerable interest. It is understood that further particulars will be available shortly, and that the whole matter will receive full consideration at an early date. The news received from abroad during the week continues to occupy the attention of the public, and the reports furnished by the cable services are of considerable interest. It is understood that further particulars will be available shortly, and that the whole matter will receive full consideration at an early date. The news received from abroad during the week continues to occupy the attention of the public, and the reports furnished by the cable services are of considerable interest. It is understood that further particulars will be available shortly, and that the whole matter will receive full consideration at an early date. The news received from abroad during the week continues to occupy the attention of the public, and the reports furnished by the cable services are of considerable interest. It is understood that further particulars will be available shortly, and that the whole matter will receive full consideration at an early date. The news received from abroad during the week continues to occupy the attention of the public, and the reports furnished by the cable services are of considerable interest. It is understood that further particulars will be available shortly, and that the whole matter will receive full consideration at an early date. The news received from abroad during the week continues to occupy the attention of the public, and the reports furnished by the cable services are of considerable interest. It is understood that further particulars will be available shortly, and that the whole matter will receive full consideration at an early date. The news received from abroad during the week continues to occupy the attention of the public, and the reports furnished by the cable services are of considerable interest. It is understood that further particulars will be available shortly, and that the whole matter will receive full consideration at an early date. The news received from abroad during the week continues to occupy the attention of the public, and the reports furnished by the cable services are of considerable interest. It is understood that further particulars will be available shortly, and that the whole matter will receive full consideration at an early date. The news received from abroad during the week continues to occupy the attention of the public, and the reports furnished by the cable services are of considerable interest. It is understood that further particulars will be available shortly, and that the whole matter will receive full consideration at an early date. The news received from abroad during the week continues to occupy the attention of the public, and the reports furnished by the cable services are of considerable interest. It is understood that further particulars will be available shortly, and that the whole matter will receive full consideration at an early date. The news received from abroad during the week continues to occupy the attention of the public, and the reports furnished by the cable services are of considerable interest. It is understood that further particulars will be available shortly, and that the whole matter will receive full consideration at an early date. The news received from abroad during the week continues to occupy the attention of the public, and the reports furnished by the cable services are of considerable interest. It is understood that further particulars will be available shortly, and that the whole matter will receive full consideration at an early date. The news received from abroad during the week continues to occupy the attention of the public, and the reports furnished by the cable services are of considerable interest. It is understood that further particulars will be available shortly, and that the whole matter will receive full consideration at an early date. The news received from abroad during the week continues to occupy the attention of the public, and the reports furnished by the cable services are of considerable interest. It is understood that further particulars will be available shortly, and that the whole matter will receive full consideration at an early date. The news received from abroad during the week continues to occupy the attention of the public, and the reports furnished by the cable services are of considerable interest. It is understood that further particulars will be available shortly, and that the whole matter will receive full consideration at an early date. The news received from abroad during the week continues to occupy the attention of the public, and the reports furnished by the cable services are of considerable interest. It is understood that further particulars will be available shortly, and that the whole matter will receive full consideration at an early date. The news received from abroad during the week continues to occupy the attention of the public, and the reports furnished by the cable services are of considerable interest. It is understood that further particulars will be available shortly, and that the whole matter will receive full consideration at an early date. The news received from abroad during the week continues to occupy the attention of the public, and the reports furnished by the cable services are of considerable interest. It is understood that further particulars will be available shortly, and that the whole matter will receive full consideration at an early date.
WILHELM COME BACK?
BERLIN "VORWAERTS" URGES EX-KAISER TO RETURN
TO LEAD THE COUNTRY

The "Times" Berlin correspondent says that "Vorwaerts" publishes an article headed "Wilhelm Come Back."

AT AMERONGEN
VISITORS FROM GERMANY

The "Tribune's" Amerongen correspondent states visitors from Germany.

A GREAT WAR ARTIST
TRIBUTE TO RAEMAEKERS

Representatives of art, literature, and journalism were invited by the Lord Mayor of London to meet M. Louis Raemaekers.

KING KHAMA AND DRINK
PROTEST AGAINST SUPPLY TO NATIVES

The abscription of the public in the war has diverted attention from a serious controversy.

The news received from abroad during the week continues to occupy the attention of the public, and the reports furnished by the cable services are of considerable interest. It is understood that further particulars will be available shortly, and that the whole matter will receive full consideration at an early date. The news received from abroad during the week continues to occupy the attention of the public, and the reports furnished by the cable services are of considerable interest. It is understood that further particulars will be available shortly, and that the whole matter will receive full consideration at an early date. The news received from abroad during the week continues to occupy the attention of the public, and the reports furnished by the cable services are of considerable interest. It is understood that further particulars will be available shortly, and that the whole matter will receive full consideration at an early date. The news received from abroad during the week continues to occupy the attention of the public, and the reports furnished by the cable services are of considerable interest. It is understood that further particulars will be available shortly, and that the whole matter will receive full consideration at an early date. The news received from abroad during the week continues to occupy the attention of the public, and the reports furnished by the cable services are of considerable interest. It is understood that further particulars will be available shortly, and that the whole matter will receive full consideration at an early date. The news received from abroad during the week continues to occupy the attention of the public, and the reports furnished by the cable services are of considerable interest. It is understood that further particulars will be available shortly, and that the whole matter will receive full consideration at an early date. The news received from abroad during the week continues to occupy the attention of the public, and the reports furnished by the cable services are of considerable interest. It is understood that further particulars will be available shortly, and that the whole matter will receive full consideration at an early date. The news received from abroad during the week continues to occupy the attention of the public, and the reports furnished by the cable services are of considerable interest. It is understood that further particulars will be available shortly, and that the whole matter will receive full consideration at an early date. The news received from abroad during the week continues to occupy the attention of the public, and the reports furnished by the cable services are of considerable interest. It is understood that further particulars will be available shortly, and that the whole matter will receive full consideration at an early date. The news received from abroad during the week continues to occupy the attention of the public, and the reports furnished by the cable services are of considerable interest. It is understood that further particulars will be available shortly, and that the whole matter will receive full consideration at an early date. The news received from abroad during the week continues to occupy the attention of the public, and the reports furnished by the cable services are of considerable interest. It is understood that further particulars will be available shortly, and that the whole matter will receive full consideration at an early date. The news received from abroad during the week continues to occupy the attention of the public, and the reports furnished by the cable services are of considerable interest. It is understood that further particulars will be available shortly, and that the whole matter will receive full consideration at an early date. The news received from abroad during the week continues to occupy the attention of the public, and the reports furnished by the cable services are of considerable interest. It is understood that further particulars will be available shortly, and that the whole matter will receive full consideration at an early date. The news received from abroad during the week continues to occupy the attention of the public, and the reports furnished by the cable services are of considerable interest. It is understood that further particulars will be available shortly, and that the whole matter will receive full consideration at an early date. The news received from abroad during the week continues to occupy the attention of the public, and the reports furnished by the cable services are of considerable interest. It is understood that further particulars will be available shortly, and that the whole matter will receive full consideration at an early date. The news received from abroad during the week continues to occupy the attention of the public, and the reports furnished by the cable services are of considerable interest. It is understood that further particulars will be available shortly, and that the whole matter will receive full consideration at an early date. The news received from abroad during the week continues to occupy the attention of the public, and the reports furnished by the cable services are of considerable interest. It is understood that further particulars will be available shortly, and that the whole matter will receive full consideration at an early date. The news received from abroad during the week continues to occupy the attention of the public, and the reports furnished by the cable services are of considerable interest. It is understood that further particulars will be available shortly, and that the whole matter will receive full consideration at an early date. The news received from abroad during the week continues to occupy the attention of the public, and the reports furnished by the cable services are of considerable interest. It is understood that further particulars will be available shortly, and that the whole matter will receive full consideration at an early date. The news received from abroad during the week continues to occupy the attention of the public, and the reports furnished by the cable services are of considerable interest. It is understood that further particulars will be available shortly, and that the whole matter will receive full consideration at an early date. The news received from abroad during the week continues to occupy the attention of the public, and the reports furnished by the cable services are of considerable interest. It is understood that further particulars will be available shortly, and that the whole matter will receive full consideration at an early date. The news received from abroad during the week continues to occupy the attention of the public, and the reports furnished by the cable services are of considerable interest. It is understood that further particulars will be available shortly, and that the whole matter will receive full consideration at an early date. The news received from abroad during the week continues to occupy the attention of the public, and the reports furnished by the cable services are of considerable interest. It is understood that further particulars will be available shortly, and that the whole matter will receive full consideration at an early date. The news received from abroad during the week continues to occupy the attention of the public, and the reports furnished by the cable services are of considerable interest. It is understood that further particulars will be available shortly, and that the whole matter will receive full consideration at an early date. The news received from abroad during the week continues to occupy the attention of the public, and the reports furnished by the cable services are of considerable interest. It is understood that further particulars will be available shortly, and that the whole matter will receive full consideration at an early date. The news received from abroad during the week continues to occupy the attention of the public, and the reports furnished by the cable services are of considerable interest. It is understood that further particulars will be available shortly, and that the whole matter will receive full consideration at an early date. The news received from abroad during the week continues to occupy the attention of the public, and the reports furnished by the cable services are of considerable interest. It is understood that further particulars will be available shortly, and that the whole matter will receive full consideration at an early date. The news received from abroad during the week continues to occupy the attention of the public, and the reports furnished by the cable services are of considerable interest. It is understood that further particulars will be available shortly, and that the whole matter will receive full consideration at an early date. The news received from abroad during the week continues to occupy the attention of the public, and the reports furnished by the cable services are of considerable interest. It is understood that further particulars will be available shortly, and that the whole matter will receive full consideration at an early date. The news received from abroad during the week continues to occupy the attention of the public, and the reports furnished by the cable services are of considerable interest. It is understood that further particulars will be available shortly, and that the whole matter will receive full consideration at an early date. The news received from abroad during the week continues to occupy the attention of the public, and the reports furnished by the cable services are of considerable interest. It is understood that further particulars will be available shortly, and that the whole matter will receive full consideration at an early date. The news received from abroad during the week continues to occupy the attention of the public, and the reports furnished by the cable services are of considerable interest. It is understood that further particulars will be available shortly, and that the whole matter will receive full consideration at an early date. The news received from abroad during the week continues to occupy the attention of the public, and the reports furnished by the cable services are of considerable interest. It is understood that further particulars will be available shortly, and that the whole matter will receive full consideration at an early date. The news received from abroad during the week continues to occupy the attention of the public, and the reports furnished by the cable services are of considerable interest. It is understood that further particulars will be available shortly, and that the whole matter will receive full consideration at an early date. The news received from abroad during the week continues to occupy the attention of the public, and the reports furnished by the cable services are of considerable interest. It is understood that further particulars will be available shortly, and that the whole matter will receive full consideration at an early date. The news received from abroad during the week continues to occupy the attention of the public, and the reports furnished by the cable services are of considerable interest. It is understood that further particulars will be available shortly, and that the whole matter will receive full consideration at an early date. The news received from abroad during the week continues to occupy the attention of the public, and the reports furnished by the cable services are of considerable interest. It is understood that further particulars will be available shortly, and that the whole matter will receive full consideration at an early date. The news received from abroad during the week continues to occupy the attention of the public, and the reports furnished by the cable services are of considerable interest. It is understood that further particulars will be available shortly, and that the whole matter will receive full consideration at an early date. The news received from abroad during the week continues to occupy the attention of the public, and the reports furnished by the cable services are of considerable interest. It is understood that further particulars will be available shortly, and that the whole matter will receive full consideration at an early date. The news received from abroad during the week continues to occupy the attention of the public, and the reports furnished by the cable services are of considerable interest. It is understood that further particulars will be available shortly, and that the whole matter will receive full consideration at an early date.
